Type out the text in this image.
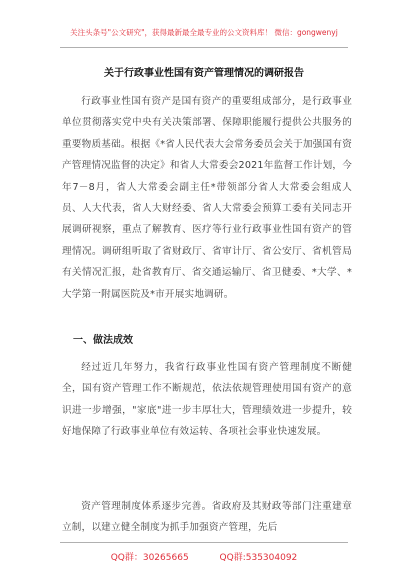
关注头条号"公文研究"，获得最新最全最专业的公文资料库！ 微信：gongwenyj
关于行政事业性国有资产管理情况的调研报告

行政事业性国有资产是国有资产的重要组成部分，是行政事业单位贯彻落实党中央有关决策部署、保障职能履行提供公共服务的重要物质基础。根据《*省人民代表大会常务委员会关于加强国有资产管理情况监督的决定》和省人大常委会2021年监督工作计划，今年7－8月，省人大常委会副主任*带领部分省人大常委会组成人员、人大代表，省人大财经委、省人大常委会预算工委有关同志开展调研视察，重点了解教育、医疗等行业行政事业性国有资产的管理情况。调研组听取了省财政厅、省审计厅、省公安厅、省机管局有关情况汇报，赴省教育厅、省交通运输厅、省卫健委、*大学、*大学第一附属医院及*市开展实地调研。

一、做法成效

经过近几年努力，我省行政事业性国有资产管理制度不断健全，国有资产管理工作不断规范，依法依规管理使用国有资产的意识进一步增强，"家底"进一步丰厚壮大，管理绩效进一步提升，较好地保障了行政事业单位有效运转、各项社会事业快速发展。

资产管理制度体系逐步完善。省政府及其财政等部门注重建章立制，以建立健全制度为抓手加强资产管理，先后

QQ群：30265665	QQ群:535304092
